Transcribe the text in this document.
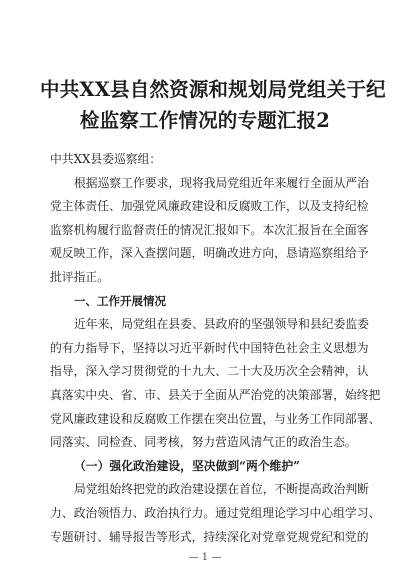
中共XX县自然资源和规划局党组关于纪
检监察工作情况的专题汇报2
中共XX县委巡察组：
根据巡察工作要求，现将我局党组近年来履行全面从严治
党主体责任、加强党风廉政建设和反腐败工作，以及支持纪检
监察机构履行监督责任的情况汇报如下。本次汇报旨在全面客
观反映工作，深入查摆问题，明确改进方向，恳请巡察组给予
批评指正。
一、工作开展情况
近年来，局党组在县委、县政府的坚强领导和县纪委监委
的有力指导下，坚持以习近平新时代中国特色社会主义思想为
指导，深入学习贯彻党的十九大、二十大及历次全会精神，认
真落实中央、省、市、县关于全面从严治党的决策部署，始终把
党风廉政建设和反腐败工作摆在突出位置，与业务工作同部署、
同落实、同检查、同考核，努力营造风清气正的政治生态。
（一）强化政治建设，坚决做到“两个维护”
局党组始终把党的政治建设摆在首位，不断提高政治判断
力、政治领悟力、政治执行力。通过党组理论学习中心组学习、
专题研讨、辅导报告等形式，持续深化对党章党规党纪和党的
— 1 —
